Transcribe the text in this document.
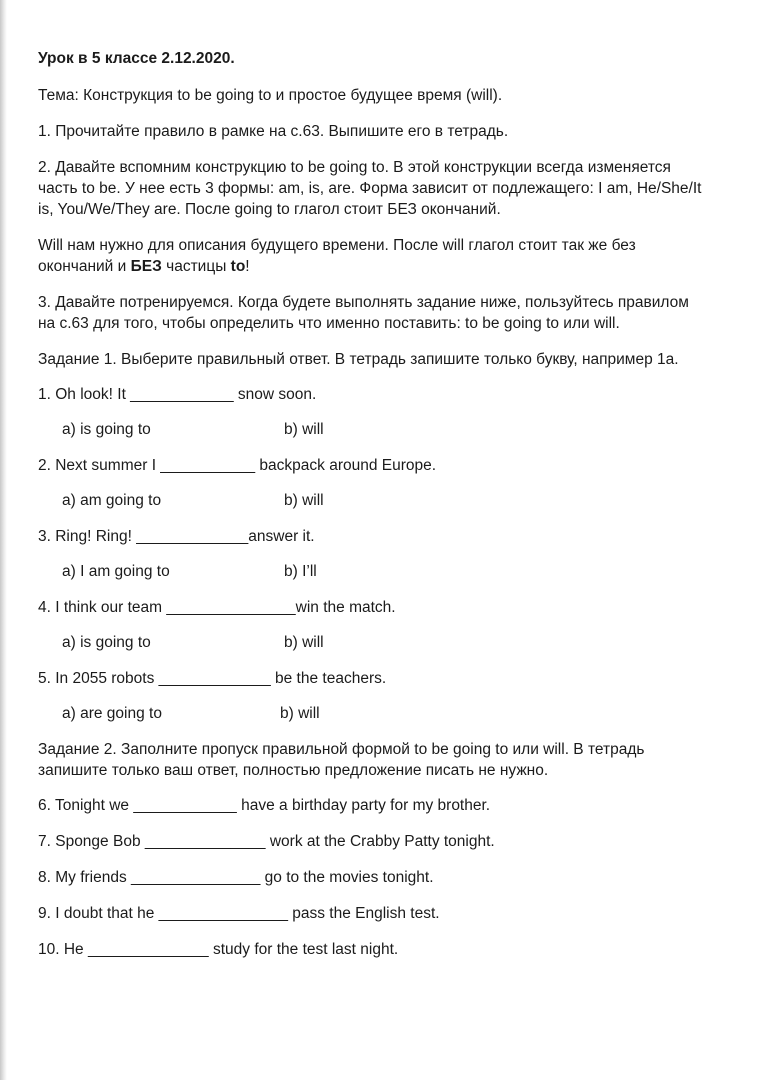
Урок в 5 классе 2.12.2020.

Тема: Конструкция to be going to и простое будущее время (will).

1. Прочитайте правило в рамке на с.63. Выпишите его в тетрадь.

2. Давайте вспомним конструкцию to be going to. В этой конструкции всегда изменяется

часть to be. У нее есть 3 формы: am, is, are. Форма зависит от подлежащего: I am, He/She/It

is, You/We/They are. После going to глагол стоит БЕЗ окончаний.

Will нам нужно для описания будущего времени. После will глагол стоит так же без

окончаний и БЕЗ частицы to!

3. Давайте потренируемся. Когда будете выполнять задание ниже, пользуйтесь правилом

на с.63 для того, чтобы определить что именно поставить: to be going to или will.

Задание 1. Выберите правильный ответ. В тетрадь запишите только букву, например 1а.

1. Oh look! It ____________ snow soon.

a) is going to	b) will

2. Next summer I ___________ backpack around Europe.

a) am going to	b) will

3. Ring! Ring! _____________answer it.

a) I am going to	b) I’ll

4. I think our team _______________win the match.

a) is going to	b) will

5. In 2055 robots _____________ be the teachers.

a) are going to	b) will

Задание 2. Заполните пропуск правильной формой to be going to или will. В тетрадь

запишите только ваш ответ, полностью предложение писать не нужно.

6. Tonight we ____________ have a birthday party for my brother.

7. Sponge Bob ______________ work at the Crabby Patty tonight.

8. My friends _______________ go to the movies tonight.

9. I doubt that he _______________ pass the English test.

10. He ______________ study for the test last night.
